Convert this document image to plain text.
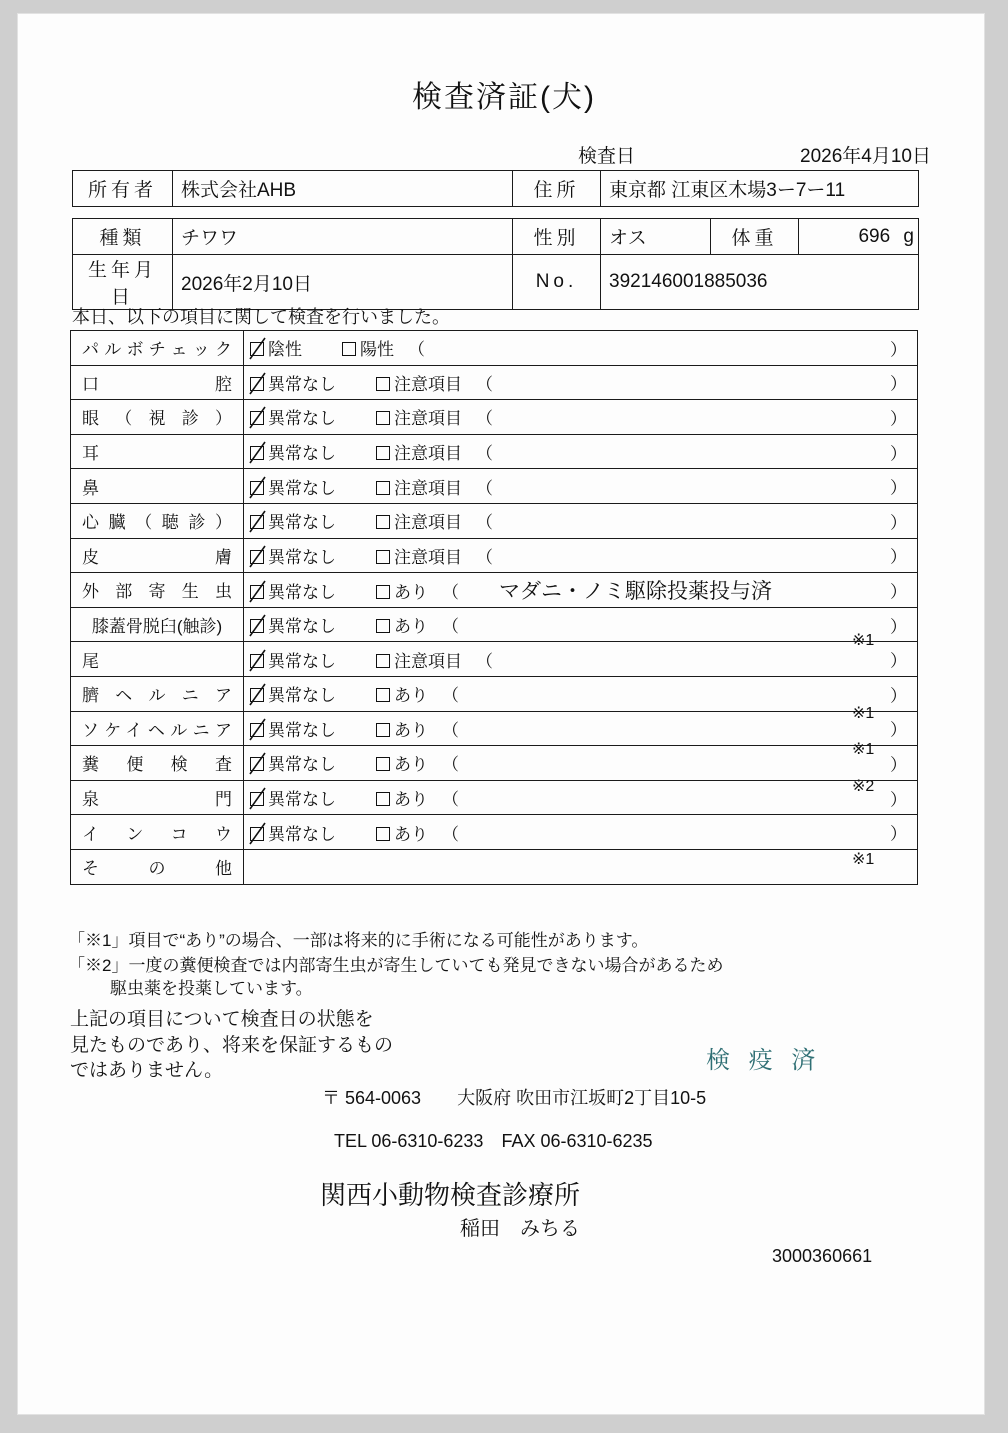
検査済証(犬)
検査日	2026年4月10日
所有者	株式会社AHB	住所	東京都 江東区木場3ー7ー11
種類	チワワ	性別	オス	体重	696 g
生年月日	2026年2月10日	No.	392146001885036		
本日、以下の項目に関して検査を行いました。
パルボチェック	陰性 陽性 （ ）

口腔	異常なし 注意項目 （ ）

眼（視診）	異常なし 注意項目 （ ）

耳	異常なし 注意項目 （ ）

鼻	異常なし 注意項目 （ ）

心臓（聴診）	異常なし 注意項目 （ ）

皮膚	異常なし 注意項目 （ ）

外部寄生虫	異常なし あり （ マダニ・ノミ駆除投薬投与済 ）

膝蓋骨脱臼(触診)	異常なし あり （ ）

尾	異常なし 注意項目 （ ）

臍ヘルニア	異常なし あり （ ）

ソケイヘルニア	異常なし あり （ ）

糞便検査	異常なし あり （ ）

泉門	異常なし あり （ ）

インコウ	異常なし あり （ ）

その他	
「※1」項目で“あり”の場合、一部は将来的に手術になる可能性があります。
「※2」一度の糞便検査では内部寄生虫が寄生していても発見できない場合があるため
駆虫薬を投薬しています。
上記の項目について検査日の状態を
見たものであり、将来を保証するもの
ではありません。	検 疫 済
〒 564-0063　　大阪府 吹田市江坂町2丁目10-5
TEL 06-6310-6233　FAX 06-6310-6235
関西小動物検査診療所
稲田　みちる
3000360661
※1
※1
※1
※2
※1
